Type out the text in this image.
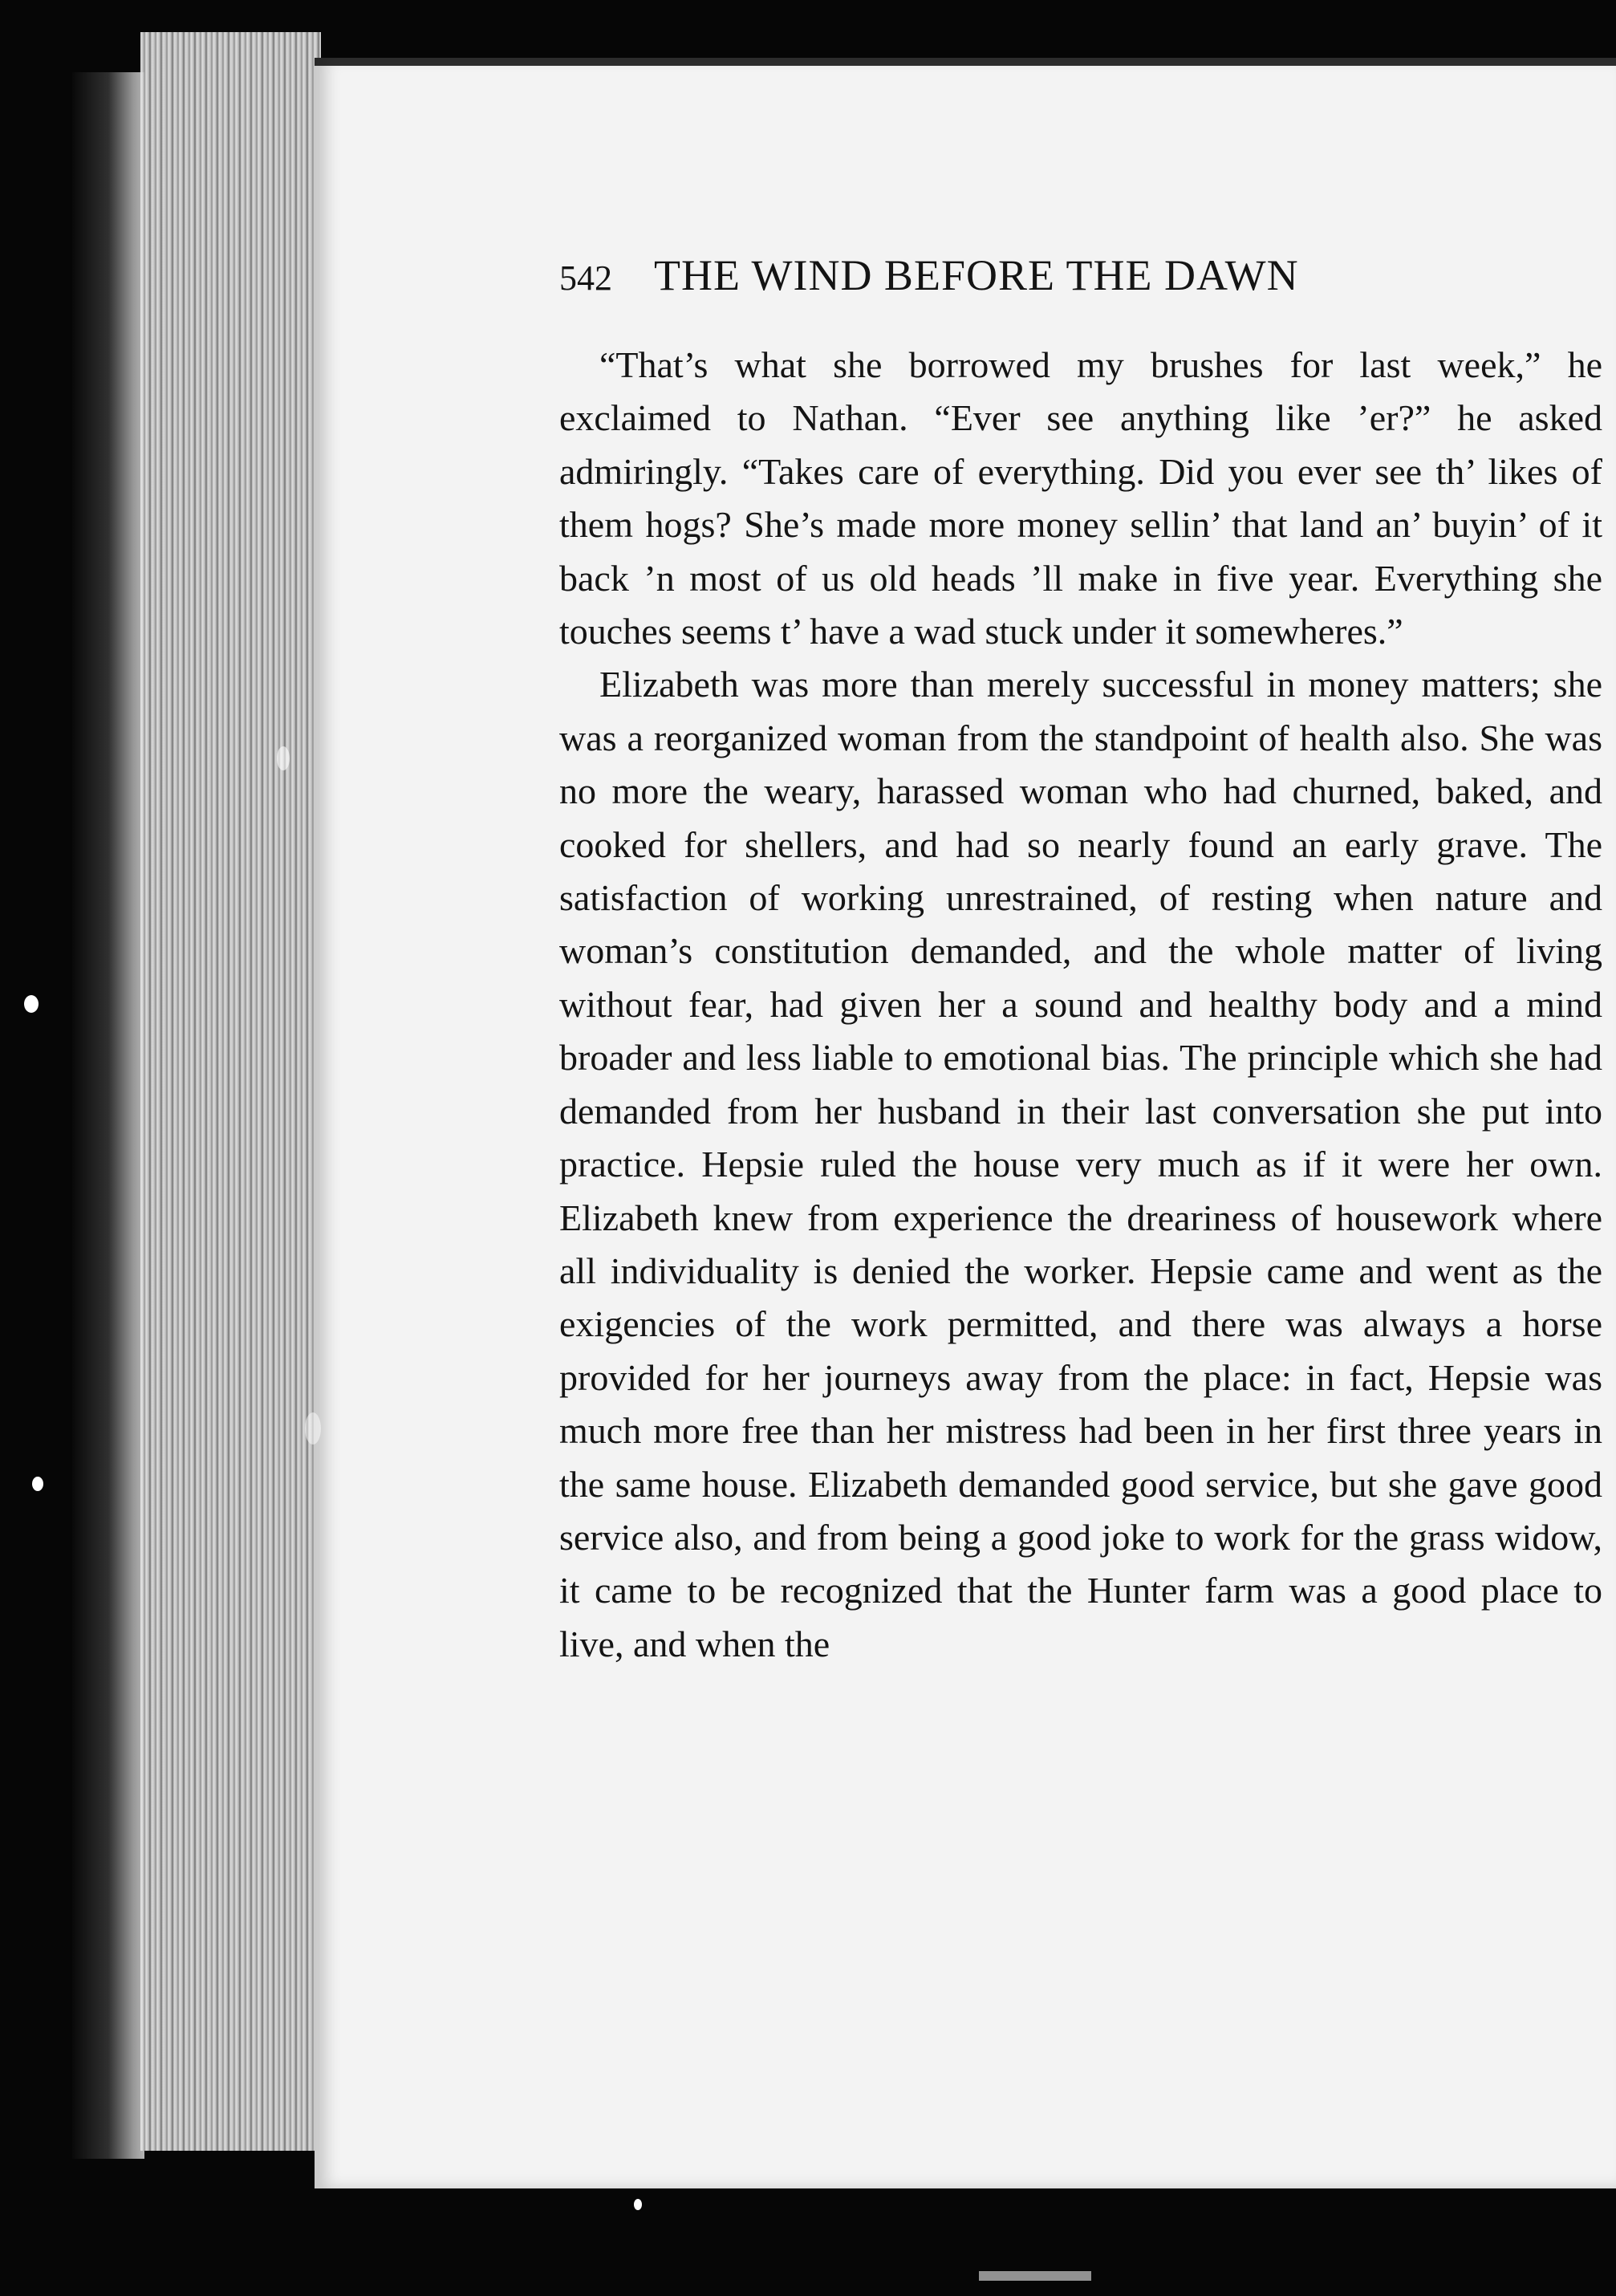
542 THE WIND BEFORE THE DAWN

“That’s what she borrowed my brushes for last week,” he exclaimed to Nathan. “Ever see anything like ’er?” he asked admiringly. “Takes care of everything. Did you ever see th’ likes of them hogs? She’s made more money sellin’ that land an’ buyin’ of it back ’n most of us old heads ’ll make in five year. Everything she touches seems t’ have a wad stuck under it somewheres.”

Elizabeth was more than merely successful in money matters; she was a reorganized woman from the standpoint of health also. She was no more the weary, harassed woman who had churned, baked, and cooked for shellers, and had so nearly found an early grave. The satisfaction of working unrestrained, of resting when nature and woman’s constitution demanded, and the whole matter of living without fear, had given her a sound and healthy body and a mind broader and less liable to emotional bias. The principle which she had demanded from her husband in their last conversation she put into practice. Hepsie ruled the house very much as if it were her own. Elizabeth knew from experience the dreariness of housework where all individuality is denied the worker. Hepsie came and went as the exigencies of the work permitted, and there was always a horse provided for her journeys away from the place: in fact, Hepsie was much more free than her mistress had been in her first three years in the same house. Elizabeth demanded good service, but she gave good service also, and from being a good joke to work for the grass widow, it came to be recognized that the Hunter farm was a good place to live, and when the
